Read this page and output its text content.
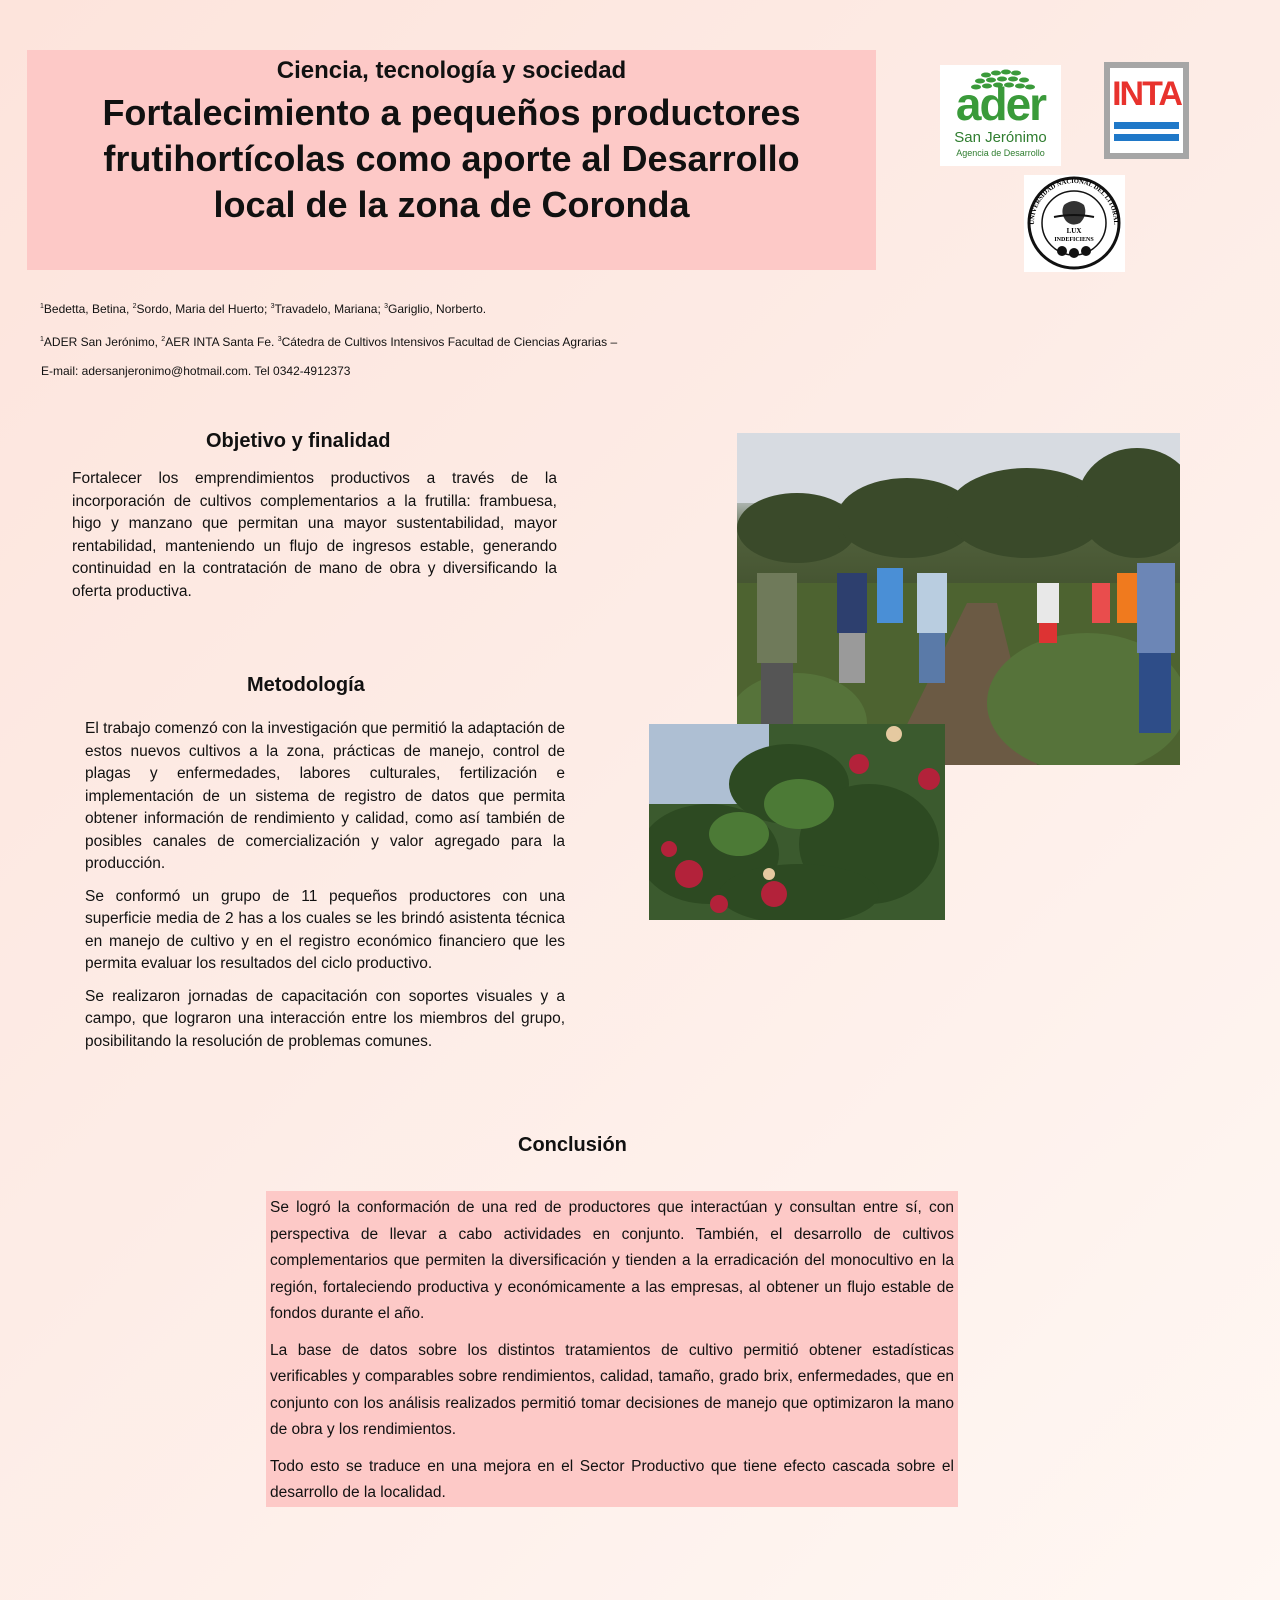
Ciencia, tecnología y sociedad
Fortalecimiento a pequeños productores frutihortícolas como aporte al Desarrollo local de la zona de Coronda
ader
San Jerónimo
Agencia de Desarrollo
INTA
LUX
INDEFICIENS
UNIVERSIDAD NACIONAL DEL LITORAL
$^1$Bedetta, Betina, $^2$Sordo, Maria del Huerto; $^3$Travadelo, Mariana; $^3$Gariglio, Norberto.
$^1$ADER San Jerónimo, $^2$AER INTA Santa Fe. $^3$Cátedra de Cultivos Intensivos Facultad de Ciencias Agrarias –
E-mail: adersanjeronimo@hotmail.com. Tel 0342-4912373
Objetivo y finalidad

Fortalecer los emprendimientos productivos a través de la incorporación de cultivos complementarios a la frutilla: frambuesa, higo y manzano que permitan una mayor sustentabilidad, mayor rentabilidad, manteniendo un flujo de ingresos estable, generando continuidad en la contratación de mano de obra y diversificando la oferta productiva.

Metodología

El trabajo comenzó con la investigación que permitió la adaptación de estos nuevos cultivos a la zona, prácticas de manejo, control de plagas y enfermedades, labores culturales, fertilización e implementación de un sistema de registro de datos que permita obtener información de rendimiento y calidad, como así también de posibles canales de comercialización y valor agregado para la producción.

Se conformó un grupo de 11 pequeños productores con una superficie media de 2 has a los cuales se les brindó asistenta técnica en manejo de cultivo y en el registro económico financiero que les permita evaluar los resultados del ciclo productivo.

Se realizaron jornadas de capacitación con soportes visuales y a campo, que lograron una interacción entre los miembros del grupo, posibilitando la resolución de problemas comunes.

Conclusión

Se logró la conformación de una red de productores que interactúan y consultan entre sí, con perspectiva de llevar a cabo actividades en conjunto. También, el desarrollo de cultivos complementarios que permiten la diversificación y tienden a la erradicación del monocultivo en la región, fortaleciendo productiva y económicamente a las empresas, al obtener un flujo estable de fondos durante el año.

La base de datos sobre los distintos tratamientos de cultivo permitió obtener estadísticas verificables y comparables sobre rendimientos, calidad, tamaño, grado brix, enfermedades, que en conjunto con los análisis realizados permitió tomar decisiones de manejo que optimizaron la mano de obra y los rendimientos.

Todo esto se traduce en una mejora en el Sector Productivo que tiene efecto cascada sobre el desarrollo de la localidad.
